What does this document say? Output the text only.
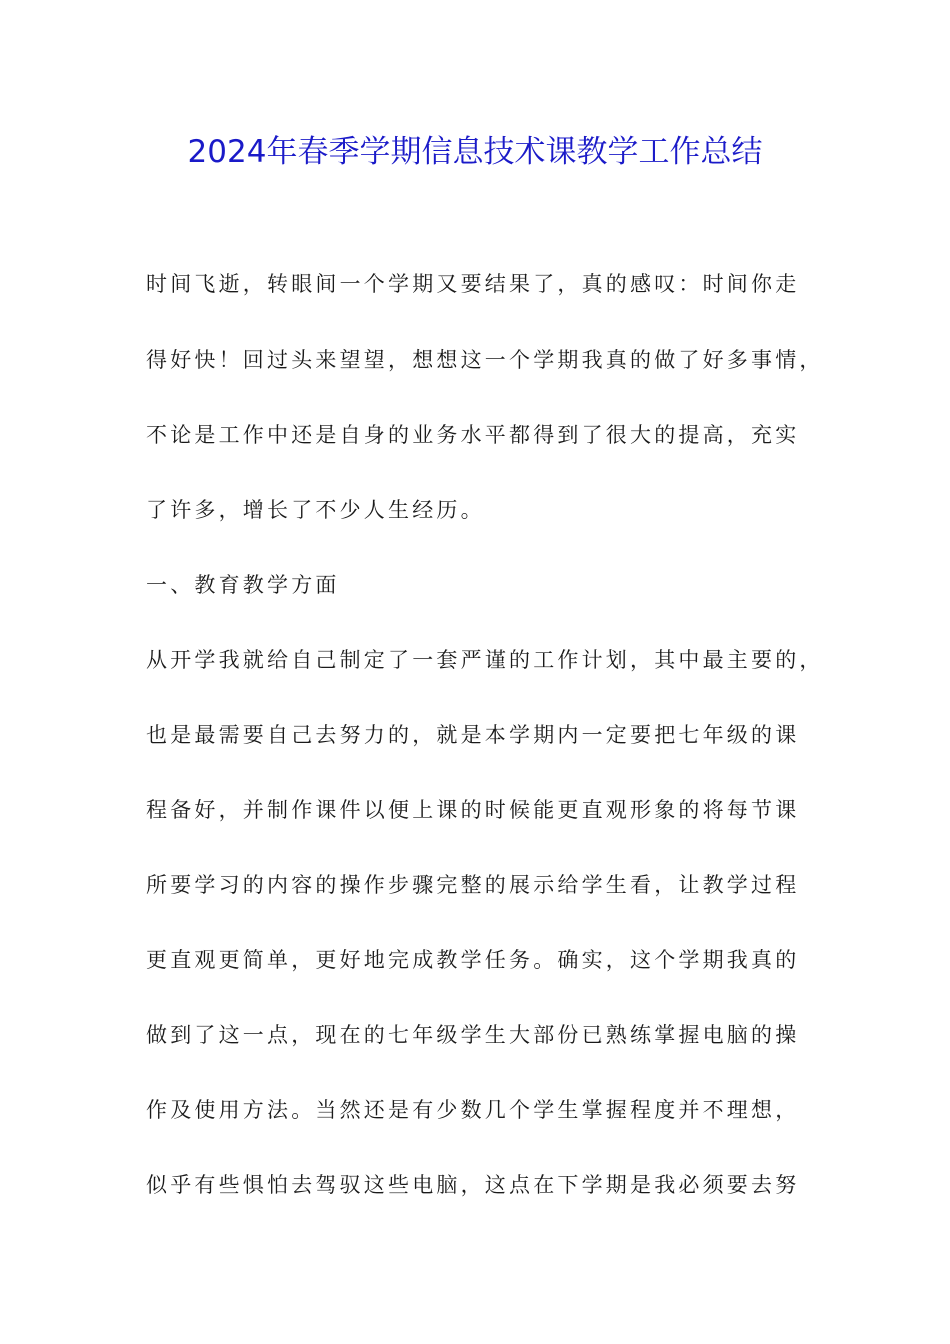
2024年春季学期信息技术课教学工作总结
时间飞逝，转眼间一个学期又要结果了，真的感叹：时间你走
得好快！回过头来望望，想想这一个学期我真的做了好多事情，
不论是工作中还是自身的业务水平都得到了很大的提高，充实
了许多，增长了不少人生经历。
一、教育教学方面
从开学我就给自己制定了一套严谨的工作计划，其中最主要的，
也是最需要自己去努力的，就是本学期内一定要把七年级的课
程备好，并制作课件以便上课的时候能更直观形象的将每节课
所要学习的内容的操作步骤完整的展示给学生看，让教学过程
更直观更简单，更好地完成教学任务。确实，这个学期我真的
做到了这一点，现在的七年级学生大部份已熟练掌握电脑的操
作及使用方法。当然还是有少数几个学生掌握程度并不理想，
似乎有些惧怕去驾驭这些电脑，这点在下学期是我必须要去努
